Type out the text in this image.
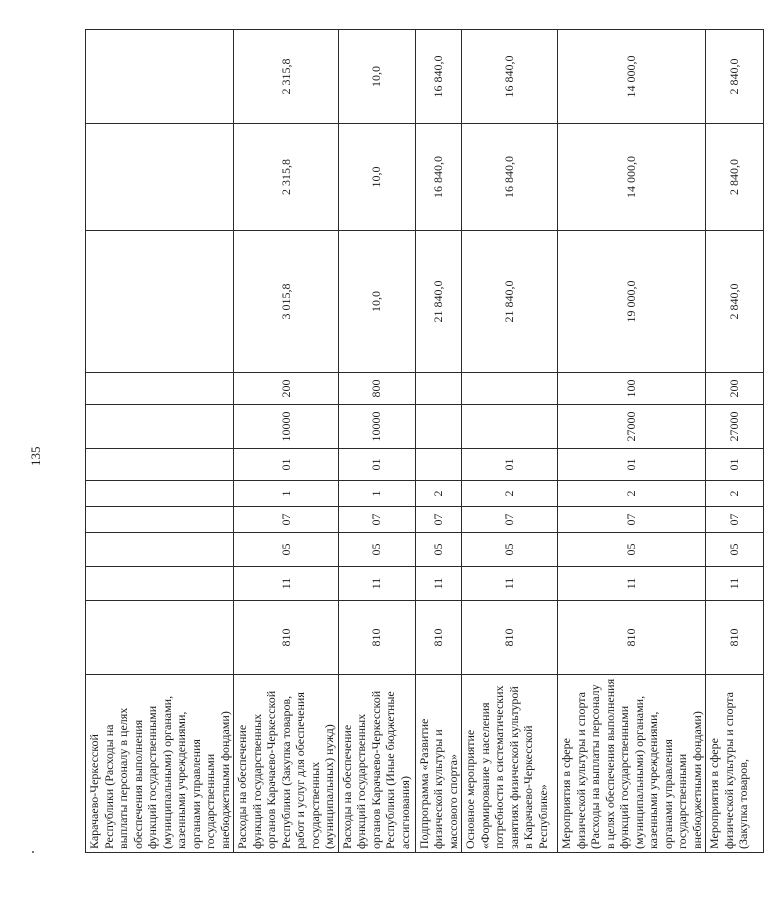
135
Карачаево-Черкесской Республики (Расходы на выплаты персоналу в целях обеспечения выполнения функций государственными (муниципальными) органами, казенными учреждениями, органами управления государственными внебюджетными фондами)											
Расходы на обеспечение функций государственных органов Карачаево-Черкесской Республики (Закупка товаров, работ и услуг для обеспечения государственных (муниципальных) нужд)	810	11	05	07	1	01	10000	200	3 015,8	2 315,8	2 315,8
Расходы на обеспечение функций государственных органов Карачаево-Черкесской Республики (Иные бюджетные ассигнования)	810	11	05	07	1	01	10000	800	10,0	10,0	10,0
Подпрограмма «Развитие физической культуры и массового спорта»	810	11	05	07	2				21 840,0	16 840,0	16 840,0
Основное мероприятие «Формирование у населения потребности в систематических занятиях физической культурой в Карачаево-Черкесской Республике»	810	11	05	07	2	01			21 840,0	16 840,0	16 840,0
Мероприятия в сфере физической культуры и спорта (Расходы на выплаты персоналу в целях обеспечения выполнения функций государственными (муниципальными) органами, казенными учреждениями, органами управления государственными внебюджетными фондами)	810	11	05	07	2	01	27000	100	19 000,0	14 000,0	14 000,0
Мероприятия в сфере физической культуры и спорта (Закупка товаров,	810	11	05	07	2	01	27000	200	2 840,0	2 840,0	2 840,0
